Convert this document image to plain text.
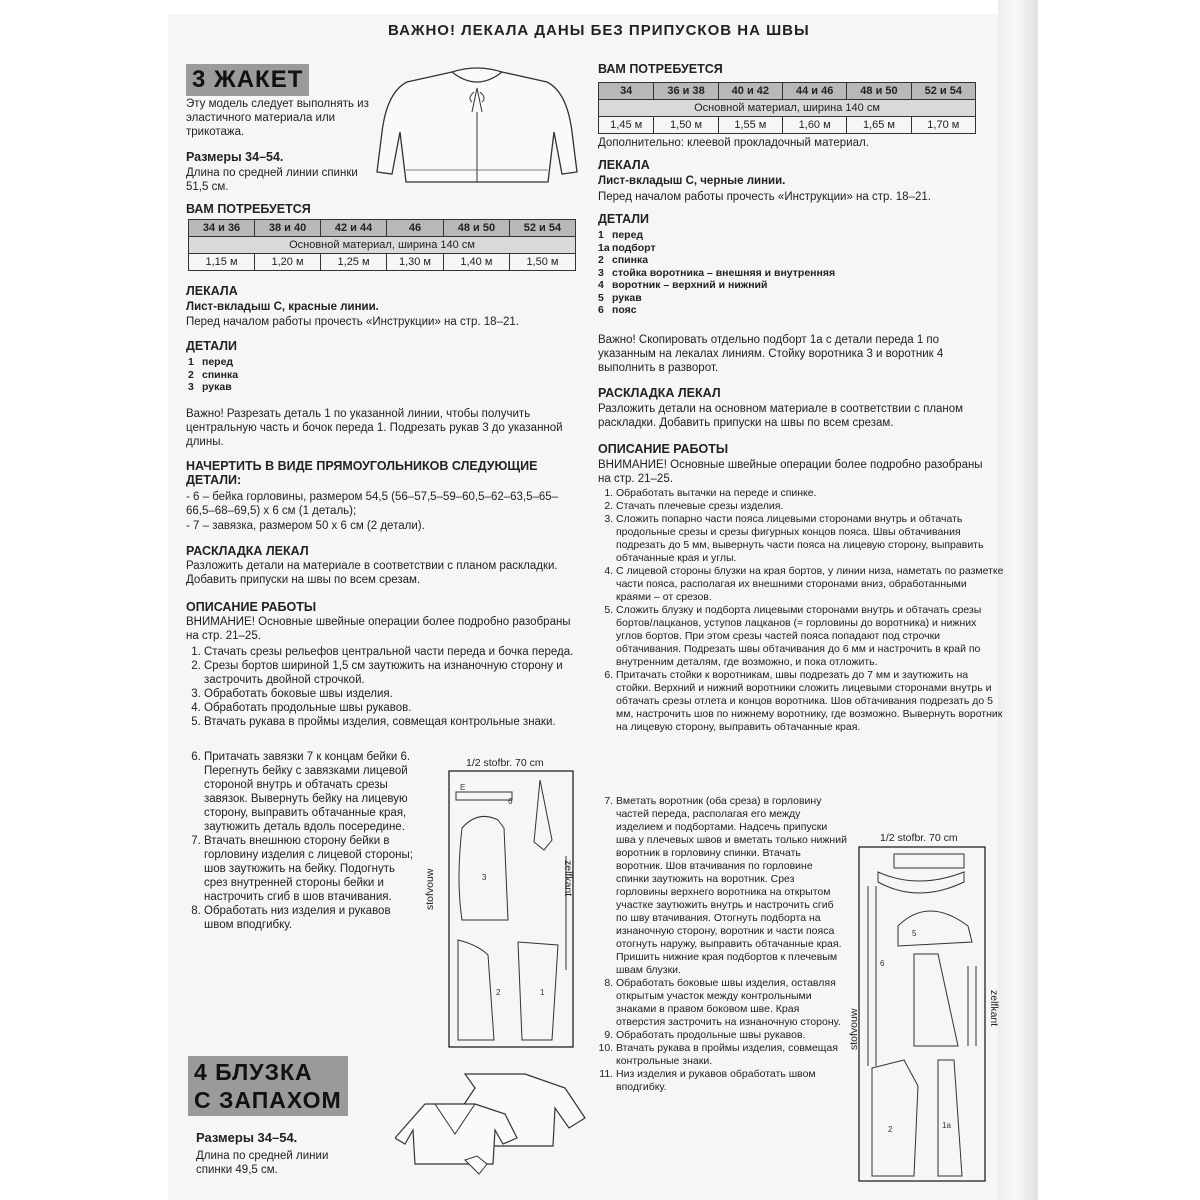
ВАЖНО! ЛЕКАЛА ДАНЫ БЕЗ ПРИПУСКОВ НА ШВЫ
3 ЖАКЕТ
Эту модель следует выполнять из эластичного материала или трикотажа.
Размеры 34–54.
Длина по средней линии спинки 51,5 см.
ВАМ ПОТРЕБУЕТСЯ
34 и 36	38 и 40	42 и 44	46	48 и 50	52 и 54
Основной материал, ширина 140 см					
1,15 м	1,20 м	1,25 м	1,30 м	1,40 м	1,50 м
ЛЕКАЛА
Лист-вкладыш С, красные линии.
Перед началом работы прочесть «Инструкции» на стр. 18–21.
ДЕТАЛИ
1 перед
2 спинка
3 рукав
Важно! Разрезать деталь 1 по указанной линии, чтобы получить центральную часть и бочок переда 1. Подрезать рукав 3 до указанной длины.
НАЧЕРТИТЬ В ВИДЕ ПРЯМОУГОЛЬНИКОВ СЛЕДУЮЩИЕ ДЕТАЛИ:
- 6 – бейка горловины, размером 54,5 (56–57,5–59–60,5–62–63,5–65–66,5–68–69,5) х 6 см (1 деталь);
- 7 – завязка, размером 50 х 6 см (2 детали).
РАСКЛАДКА ЛЕКАЛ
Разложить детали на материале в соответствии с планом раскладки. Добавить припуски на швы по всем срезам.
ОПИСАНИЕ РАБОТЫ
ВНИМАНИЕ! Основные швейные операции более подробно разобраны на стр. 21–25.
1. Стачать срезы рельефов центральной части переда и бочка переда.
2. Срезы бортов шириной 1,5 см заутюжить на изнаночную сторону и застрочить двойной строчкой.
3. Обработать боковые швы изделия.
4. Обработать продольные швы рукавов.
5. Втачать рукава в проймы изделия, совмещая контрольные знаки.
6. Притачать завязки 7 к концам бейки 6. Перегнуть бейку с завязками лицевой стороной внутрь и обтачать срезы завязок. Вывернуть бейку на лицевую сторону, выправить обтачанные края, заутюжить деталь вдоль посередине.
7. Втачать внешнюю сторону бейки в горловину изделия с лицевой стороны; шов заутюжить на бейку. Подогнуть срез внутренней стороны бейки и настрочить сгиб в шов втачивания.
8. Обработать низ изделия и рукавов швом вподгибку.
1/2 stofbr. 70 cm
stofvouw	zelfkant
E
6
3
2	1
4 БЛУЗКА
С ЗАПАХОМ
Размеры 34–54.
Длина по средней линии спинки 49,5 см.
ВАМ ПОТРЕБУЕТСЯ
34	36 и 38	40 и 42	44 и 46	48 и 50	52 и 54
Основной материал, ширина 140 см					
1,45 м	1,50 м	1,55 м	1,60 м	1,65 м	1,70 м
Дополнительно: клеевой прокладочный материал.
ЛЕКАЛА
Лист-вкладыш С, черные линии.
Перед началом работы прочесть «Инструкции» на стр. 18–21.
ДЕТАЛИ
1 перед
1а подборт
2 спинка
3 стойка воротника – внешняя и внутренняя
4 воротник – верхний и нижний
5 рукав
6 пояс
Важно! Скопировать отдельно подборт 1а с детали переда 1 по указанным на лекалах линиям. Стойку воротника 3 и воротник 4 выполнить в разворот.
РАСКЛАДКА ЛЕКАЛ
Разложить детали на основном материале в соответствии с планом раскладки. Добавить припуски на швы по всем срезам.
ОПИСАНИЕ РАБОТЫ
ВНИМАНИЕ! Основные швейные операции более подробно разобраны на стр. 21–25.
1. Обработать вытачки на переде и спинке.
2. Стачать плечевые срезы изделия.
3. Сложить попарно части пояса лицевыми сторонами внутрь и обтачать продольные срезы и срезы фигурных концов пояса. Швы обтачивания подрезать до 5 мм, вывернуть части пояса на лицевую сторону, выправить обтачанные края и углы.
4. С лицевой стороны блузки на края бортов, у линии низа, наметать по разметке части пояса, располагая их внешними сторонами вниз, обработанными краями – от срезов.
5. Сложить блузку и подборта лицевыми сторонами внутрь и обтачать срезы бортов/лацканов, уступов лацканов (= горловины до воротника) и нижних углов бортов. При этом срезы частей пояса попадают под строчки обтачивания. Подрезать швы обтачивания до 6 мм и настрочить в край по внутренним деталям, где возможно, и пока отложить.
6. Притачать стойки к воротникам, швы подрезать до 7 мм и заутюжить на стойки. Верхний и нижний воротники сложить лицевыми сторонами внутрь и обтачать срезы отлета и концов воротника. Шов обтачивания подрезать до 5 мм, настрочить шов по нижнему воротнику, где возможно. Вывернуть воротник на лицевую сторону, выправить обтачанные края.
7. Вметать воротник (оба среза) в горловину частей переда, располагая его между изделием и подбортами. Надсечь припуски шва у плечевых швов и вметать только нижний воротник в горловину спинки. Втачать воротник. Шов втачивания по горловине спинки заутюжить на воротник. Срез горловины верхнего воротника на открытом участке заутюжить внутрь и настрочить сгиб по шву втачивания. Отогнуть подборта на изнаночную сторону, воротник и части пояса отогнуть наружу, выправить обтачанные края. Пришить нижние края подбортов к плечевым швам блузки.
8. Обработать боковые швы изделия, оставляя открытым участок между контрольными знаками в правом боковом шве. Края отверстия застрочить на изнаночную сторону.
9. Обработать продольные швы рукавов.
10. Втачать рукава в проймы изделия, совмещая контрольные знаки.
11. Низ изделия и рукавов обработать швом вподгибку.
1/2 stofbr. 70 cm
stofvouw
zelfkant
5
6
2	1а
